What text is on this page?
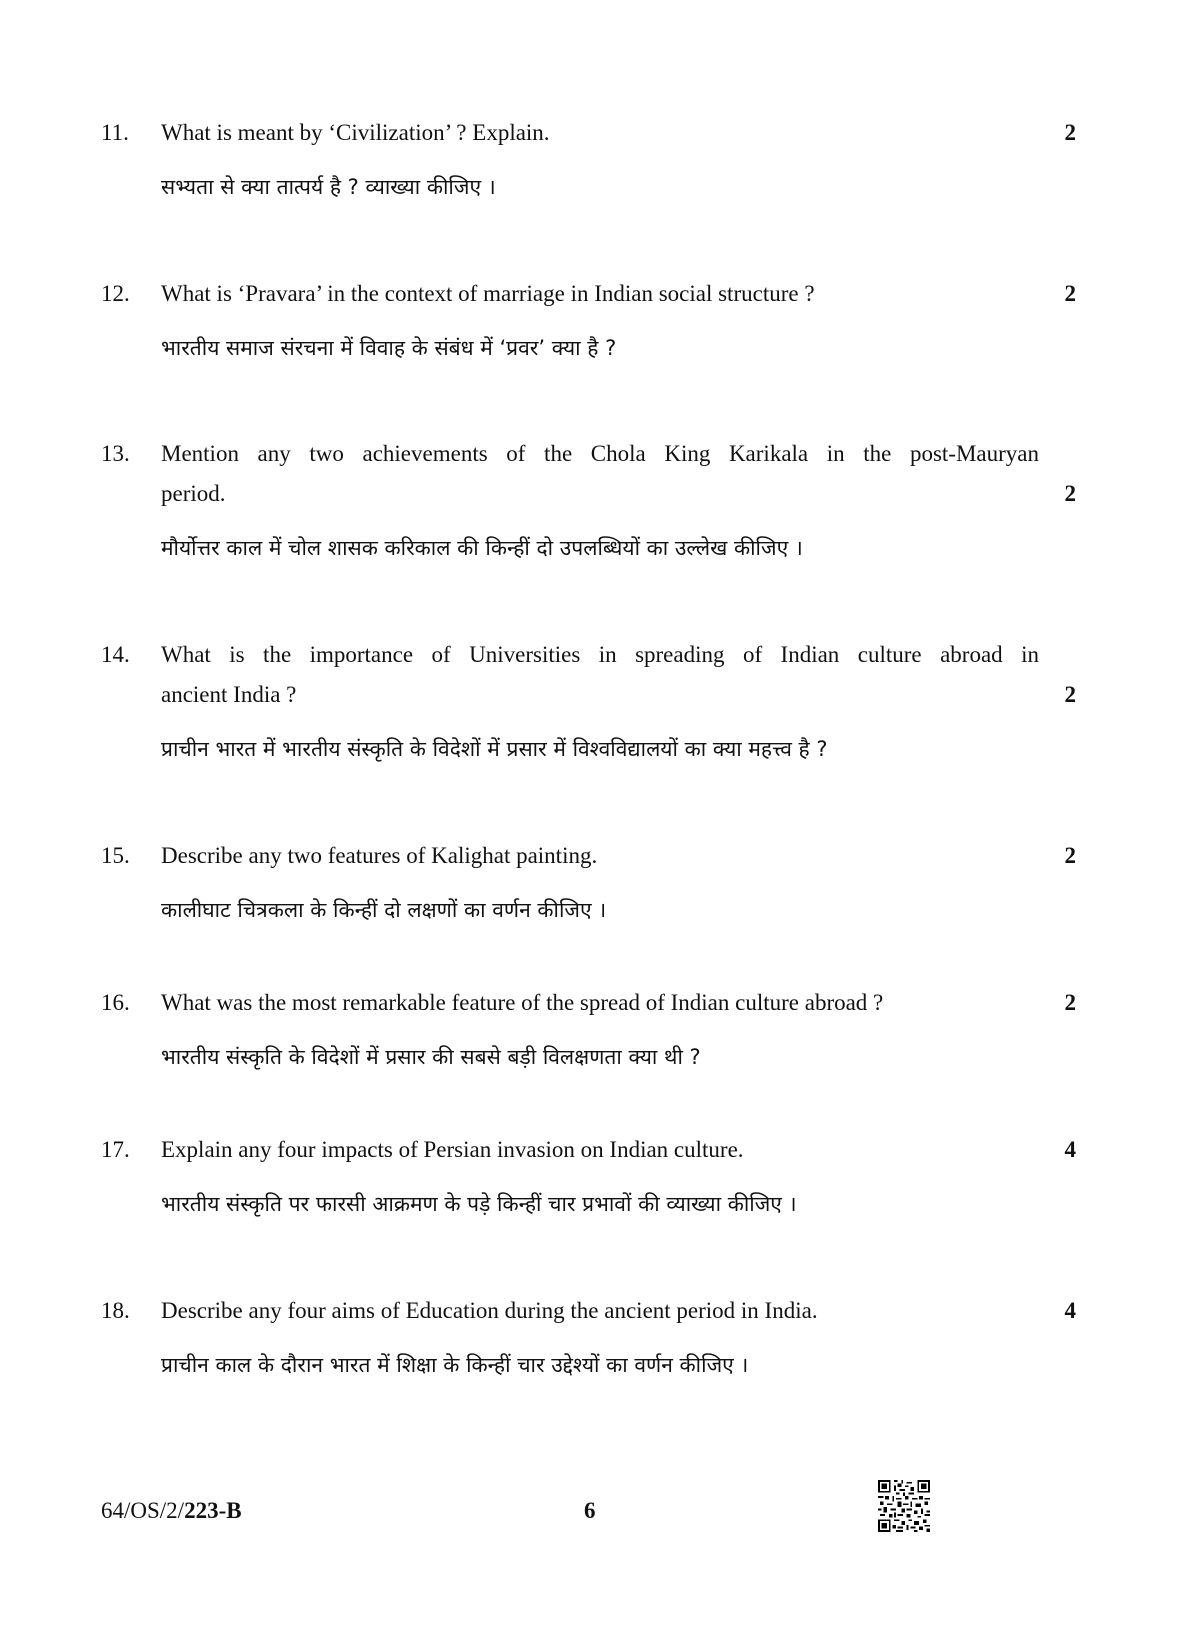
11. What is meant by ‘Civilization’ ? Explain.	2
सभ्यता से क्या तात्पर्य है ? व्याख्या कीजिए ।
12. What is ‘Pravara’ in the context of marriage in Indian social structure ?	2
भारतीय समाज संरचना में विवाह के संबंध में ‘प्रवर’ क्या है ?
13. Mention any two achievements of the Chola King Karikala in the post-Mauryan
period.	2
मौर्योत्तर काल में चोल शासक करिकाल की किन्हीं दो उपलब्धियों का उल्लेख कीजिए ।
14. What is the importance of Universities in spreading of Indian culture abroad in
ancient India ?	2
प्राचीन भारत में भारतीय संस्कृति के विदेशों में प्रसार में विश्वविद्यालयों का क्या महत्त्व है ?
15. Describe any two features of Kalighat painting.	2
कालीघाट चित्रकला के किन्हीं दो लक्षणों का वर्णन कीजिए ।
16. What was the most remarkable feature of the spread of Indian culture abroad ?	2
भारतीय संस्कृति के विदेशों में प्रसार की सबसे बड़ी विलक्षणता क्या थी ?
17. Explain any four impacts of Persian invasion on Indian culture.	4
भारतीय संस्कृति पर फारसी आक्रमण के पड़े किन्हीं चार प्रभावों की व्याख्या कीजिए ।
18. Describe any four aims of Education during the ancient period in India.	4
प्राचीन काल के दौरान भारत में शिक्षा के किन्हीं चार उद्देश्यों का वर्णन कीजिए ।
64/OS/2/223-B	6
